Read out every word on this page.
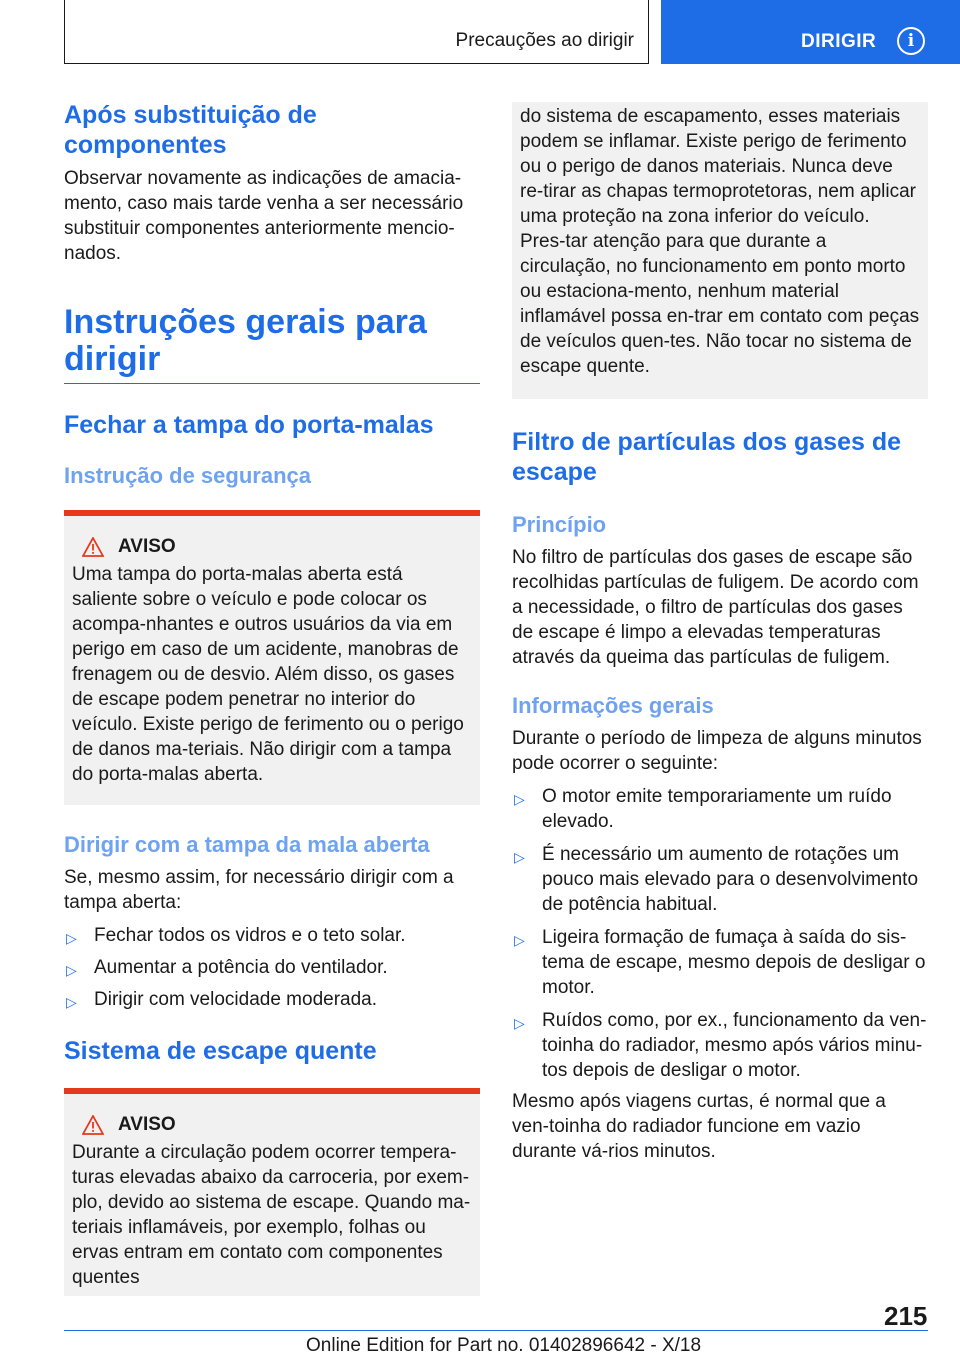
Precauções ao dirigir	DIRIGIR	i
Após substituição de componentes

Observar novamente as indicações de amacia-mento, caso mais tarde venha a ser necessário substituir componentes anteriormente mencio-nados.

Instruções gerais para dirigir
Fechar a tampa do porta-malas
Instrução de segurança
AVISO

Uma tampa do porta-malas aberta está saliente sobre o veículo e pode colocar os acompa-nhantes e outros usuários da via em perigo em caso de um acidente, manobras de frenagem ou de desvio. Além disso, os gases de escape podem penetrar no interior do veículo. Existe perigo de ferimento ou o perigo de danos ma-teriais. Não dirigir com a tampa do porta-malas aberta.

Dirigir com a tampa da mala aberta

Se, mesmo assim, for necessário dirigir com a tampa aberta:

▷ Fechar todos os vidros e o teto solar.
▷ Aumentar a potência do ventilador.
▷ Dirigir com velocidade moderada.
Sistema de escape quente
AVISO

Durante a circulação podem ocorrer tempera-turas elevadas abaixo da carroceria, por exem-plo, devido ao sistema de escape. Quando ma-teriais inflamáveis, por exemplo, folhas ou ervas entram em contato com componentes quentes

do sistema de escapamento, esses materiais podem se inflamar. Existe perigo de ferimento ou o perigo de danos materiais. Nunca deve re-tirar as chapas termoprotetoras, nem aplicar uma proteção na zona inferior do veículo. Pres-tar atenção para que durante a circulação, no funcionamento em ponto morto ou estaciona-mento, nenhum material inflamável possa en-trar em contato com peças de veículos quen-tes. Não tocar no sistema de escape quente.

Filtro de partículas dos gases de escape
Princípio

No filtro de partículas dos gases de escape são recolhidas partículas de fuligem. De acordo com a necessidade, o filtro de partículas dos gases de escape é limpo a elevadas temperaturas através da queima das partículas de fuligem.

Informações gerais

Durante o período de limpeza de alguns minutos pode ocorrer o seguinte:

▷ O motor emite temporariamente um ruído elevado.
▷ É necessário um aumento de rotações um pouco mais elevado para o desenvolvimento de potência habitual.
▷ Ligeira formação de fumaça à saída do sis-tema de escape, mesmo depois de desligar o motor.
▷ Ruídos como, por ex., funcionamento da ven-toinha do radiador, mesmo após vários minu-tos depois de desligar o motor.

Mesmo após viagens curtas, é normal que a ven-toinha do radiador funcione em vazio durante vá-rios minutos.

215
Online Edition for Part no. 01402896642 - X/18
